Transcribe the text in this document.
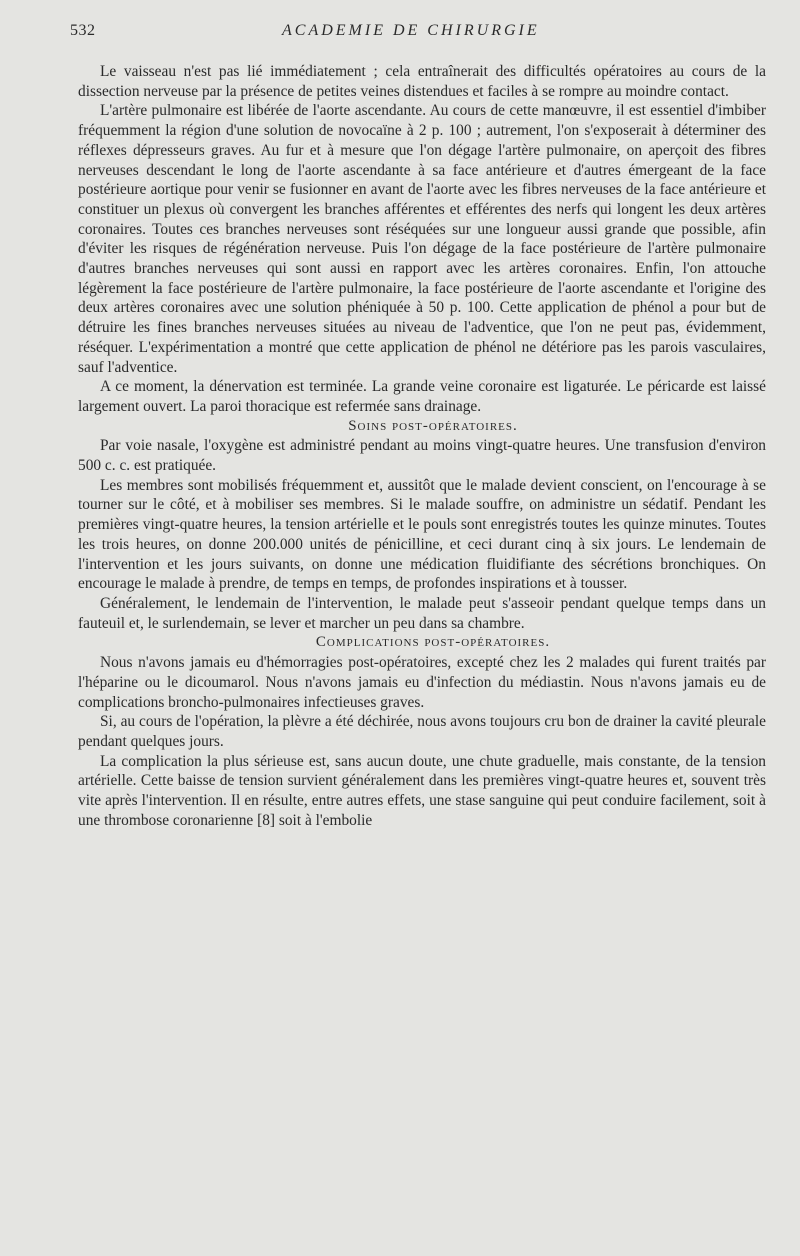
532	ACADEMIE DE CHIRURGIE

Le vaisseau n'est pas lié immédiatement ; cela entraînerait des difficultés opératoires au cours de la dissection nerveuse par la présence de petites veines distendues et faciles à se rompre au moindre contact.

L'artère pulmonaire est libérée de l'aorte ascendante. Au cours de cette manœuvre, il est essentiel d'imbiber fréquemment la région d'une solution de novocaïne à 2 p. 100 ; autrement, l'on s'exposerait à déterminer des réflexes dépresseurs graves. Au fur et à mesure que l'on dégage l'artère pulmonaire, on aperçoit des fibres nerveuses descendant le long de l'aorte ascendante à sa face antérieure et d'autres émergeant de la face postérieure aortique pour venir se fusionner en avant de l'aorte avec les fibres nerveuses de la face antérieure et constituer un plexus où convergent les branches afférentes et efférentes des nerfs qui longent les deux artères coronaires. Toutes ces branches nerveuses sont réséquées sur une longueur aussi grande que possible, afin d'éviter les risques de régénération nerveuse. Puis l'on dégage de la face postérieure de l'artère pulmonaire d'autres branches nerveuses qui sont aussi en rapport avec les artères coronaires. Enfin, l'on attouche légèrement la face postérieure de l'artère pulmonaire, la face postérieure de l'aorte ascendante et l'origine des deux artères coronaires avec une solution phéniquée à 50 p. 100. Cette application de phénol a pour but de détruire les fines branches nerveuses situées au niveau de l'adventice, que l'on ne peut pas, évidemment, réséquer. L'expérimentation a montré que cette application de phénol ne détériore pas les parois vasculaires, sauf l'adventice.

A ce moment, la dénervation est terminée. La grande veine coronaire est ligaturée. Le péricarde est laissé largement ouvert. La paroi thoracique est refermée sans drainage.

Soins post-opératoires.

Par voie nasale, l'oxygène est administré pendant au moins vingt-quatre heures. Une transfusion d'environ 500 c. c. est pratiquée.

Les membres sont mobilisés fréquemment et, aussitôt que le malade devient conscient, on l'encourage à se tourner sur le côté, et à mobiliser ses membres. Si le malade souffre, on administre un sédatif. Pendant les premières vingt-quatre heures, la tension artérielle et le pouls sont enregistrés toutes les quinze minutes. Toutes les trois heures, on donne 200.000 unités de pénicilline, et ceci durant cinq à six jours. Le lendemain de l'intervention et les jours suivants, on donne une médication fluidifiante des sécrétions bronchiques. On encourage le malade à prendre, de temps en temps, de profondes inspirations et à tousser.

Généralement, le lendemain de l'intervention, le malade peut s'asseoir pendant quelque temps dans un fauteuil et, le surlendemain, se lever et marcher un peu dans sa chambre.

Complications post-opératoires.

Nous n'avons jamais eu d'hémorragies post-opératoires, excepté chez les 2 malades qui furent traités par l'héparine ou le dicoumarol. Nous n'avons jamais eu d'infection du médiastin. Nous n'avons jamais eu de complications broncho-pulmonaires infectieuses graves.

Si, au cours de l'opération, la plèvre a été déchirée, nous avons toujours cru bon de drainer la cavité pleurale pendant quelques jours.

La complication la plus sérieuse est, sans aucun doute, une chute graduelle, mais constante, de la tension artérielle. Cette baisse de tension survient généralement dans les premières vingt-quatre heures et, souvent très vite après l'intervention. Il en résulte, entre autres effets, une stase sanguine qui peut conduire facilement, soit à une thrombose coronarienne [8] soit à l'embolie
